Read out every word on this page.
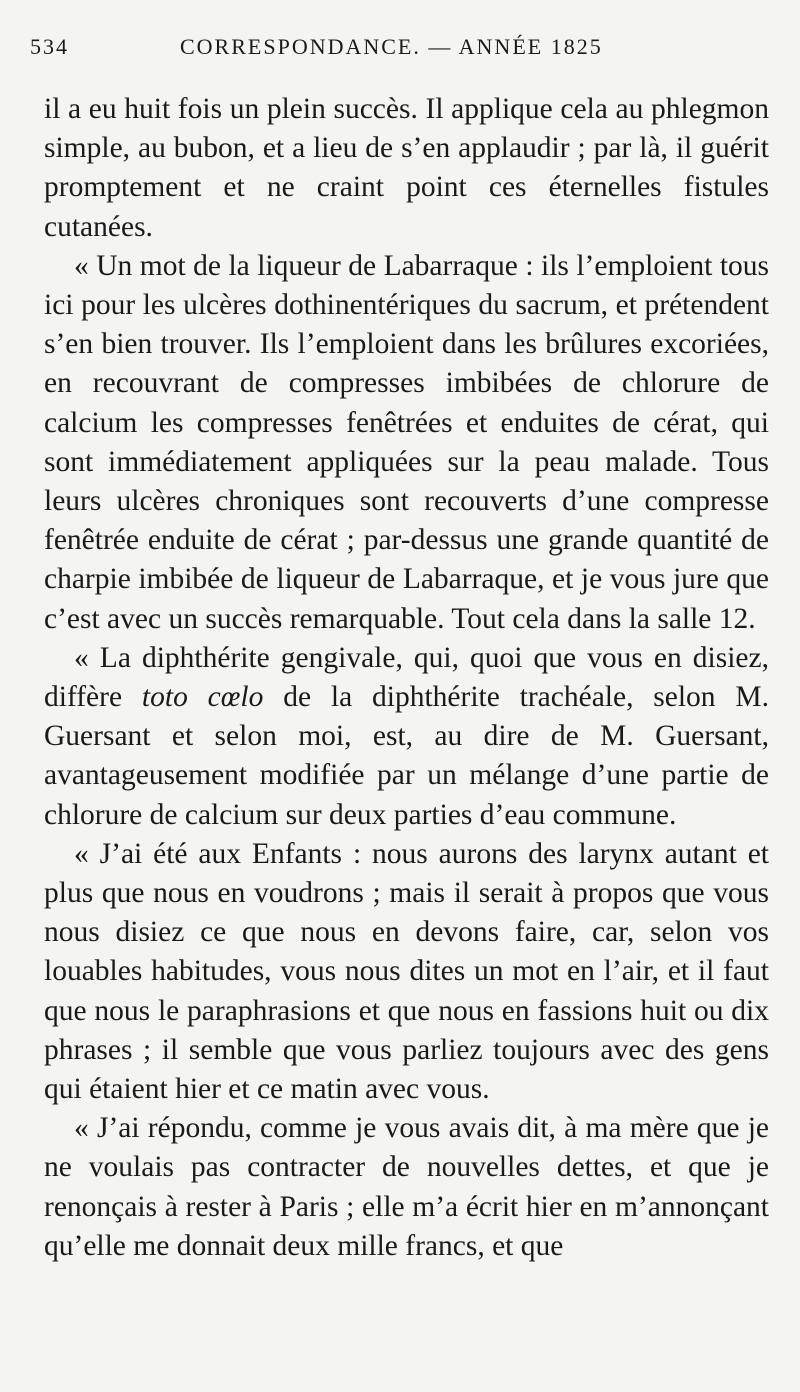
534	CORRESPONDANCE. — ANNÉE 1825

il a eu huit fois un plein succès. Il applique cela au phlegmon simple, au bubon, et a lieu de s’en applaudir ; par là, il guérit promptement et ne craint point ces éternelles fistules cutanées.

« Un mot de la liqueur de Labarraque : ils l’emploient tous ici pour les ulcères dothinentériques du sacrum, et prétendent s’en bien trouver. Ils l’emploient dans les brûlures excoriées, en recouvrant de compresses imbibées de chlorure de calcium les compresses fenêtrées et enduites de cérat, qui sont immédiatement appliquées sur la peau malade. Tous leurs ulcères chroniques sont recouverts d’une compresse fenêtrée enduite de cérat ; par-dessus une grande quantité de charpie imbibée de liqueur de Labarraque, et je vous jure que c’est avec un succès remarquable. Tout cela dans la salle 12.

« La diphthérite gengivale, qui, quoi que vous en disiez, diffère toto cœlo de la diphthérite trachéale, selon M. Guersant et selon moi, est, au dire de M. Guersant, avantageusement modifiée par un mélange d’une partie de chlorure de calcium sur deux parties d’eau commune.

« J’ai été aux Enfants : nous aurons des larynx autant et plus que nous en voudrons ; mais il serait à propos que vous nous disiez ce que nous en devons faire, car, selon vos louables habitudes, vous nous dites un mot en l’air, et il faut que nous le paraphrasions et que nous en fassions huit ou dix phrases ; il semble que vous parliez toujours avec des gens qui étaient hier et ce matin avec vous.

« J’ai répondu, comme je vous avais dit, à ma mère que je ne voulais pas contracter de nouvelles dettes, et que je renonçais à rester à Paris ; elle m’a écrit hier en m’annonçant qu’elle me donnait deux mille francs, et que
